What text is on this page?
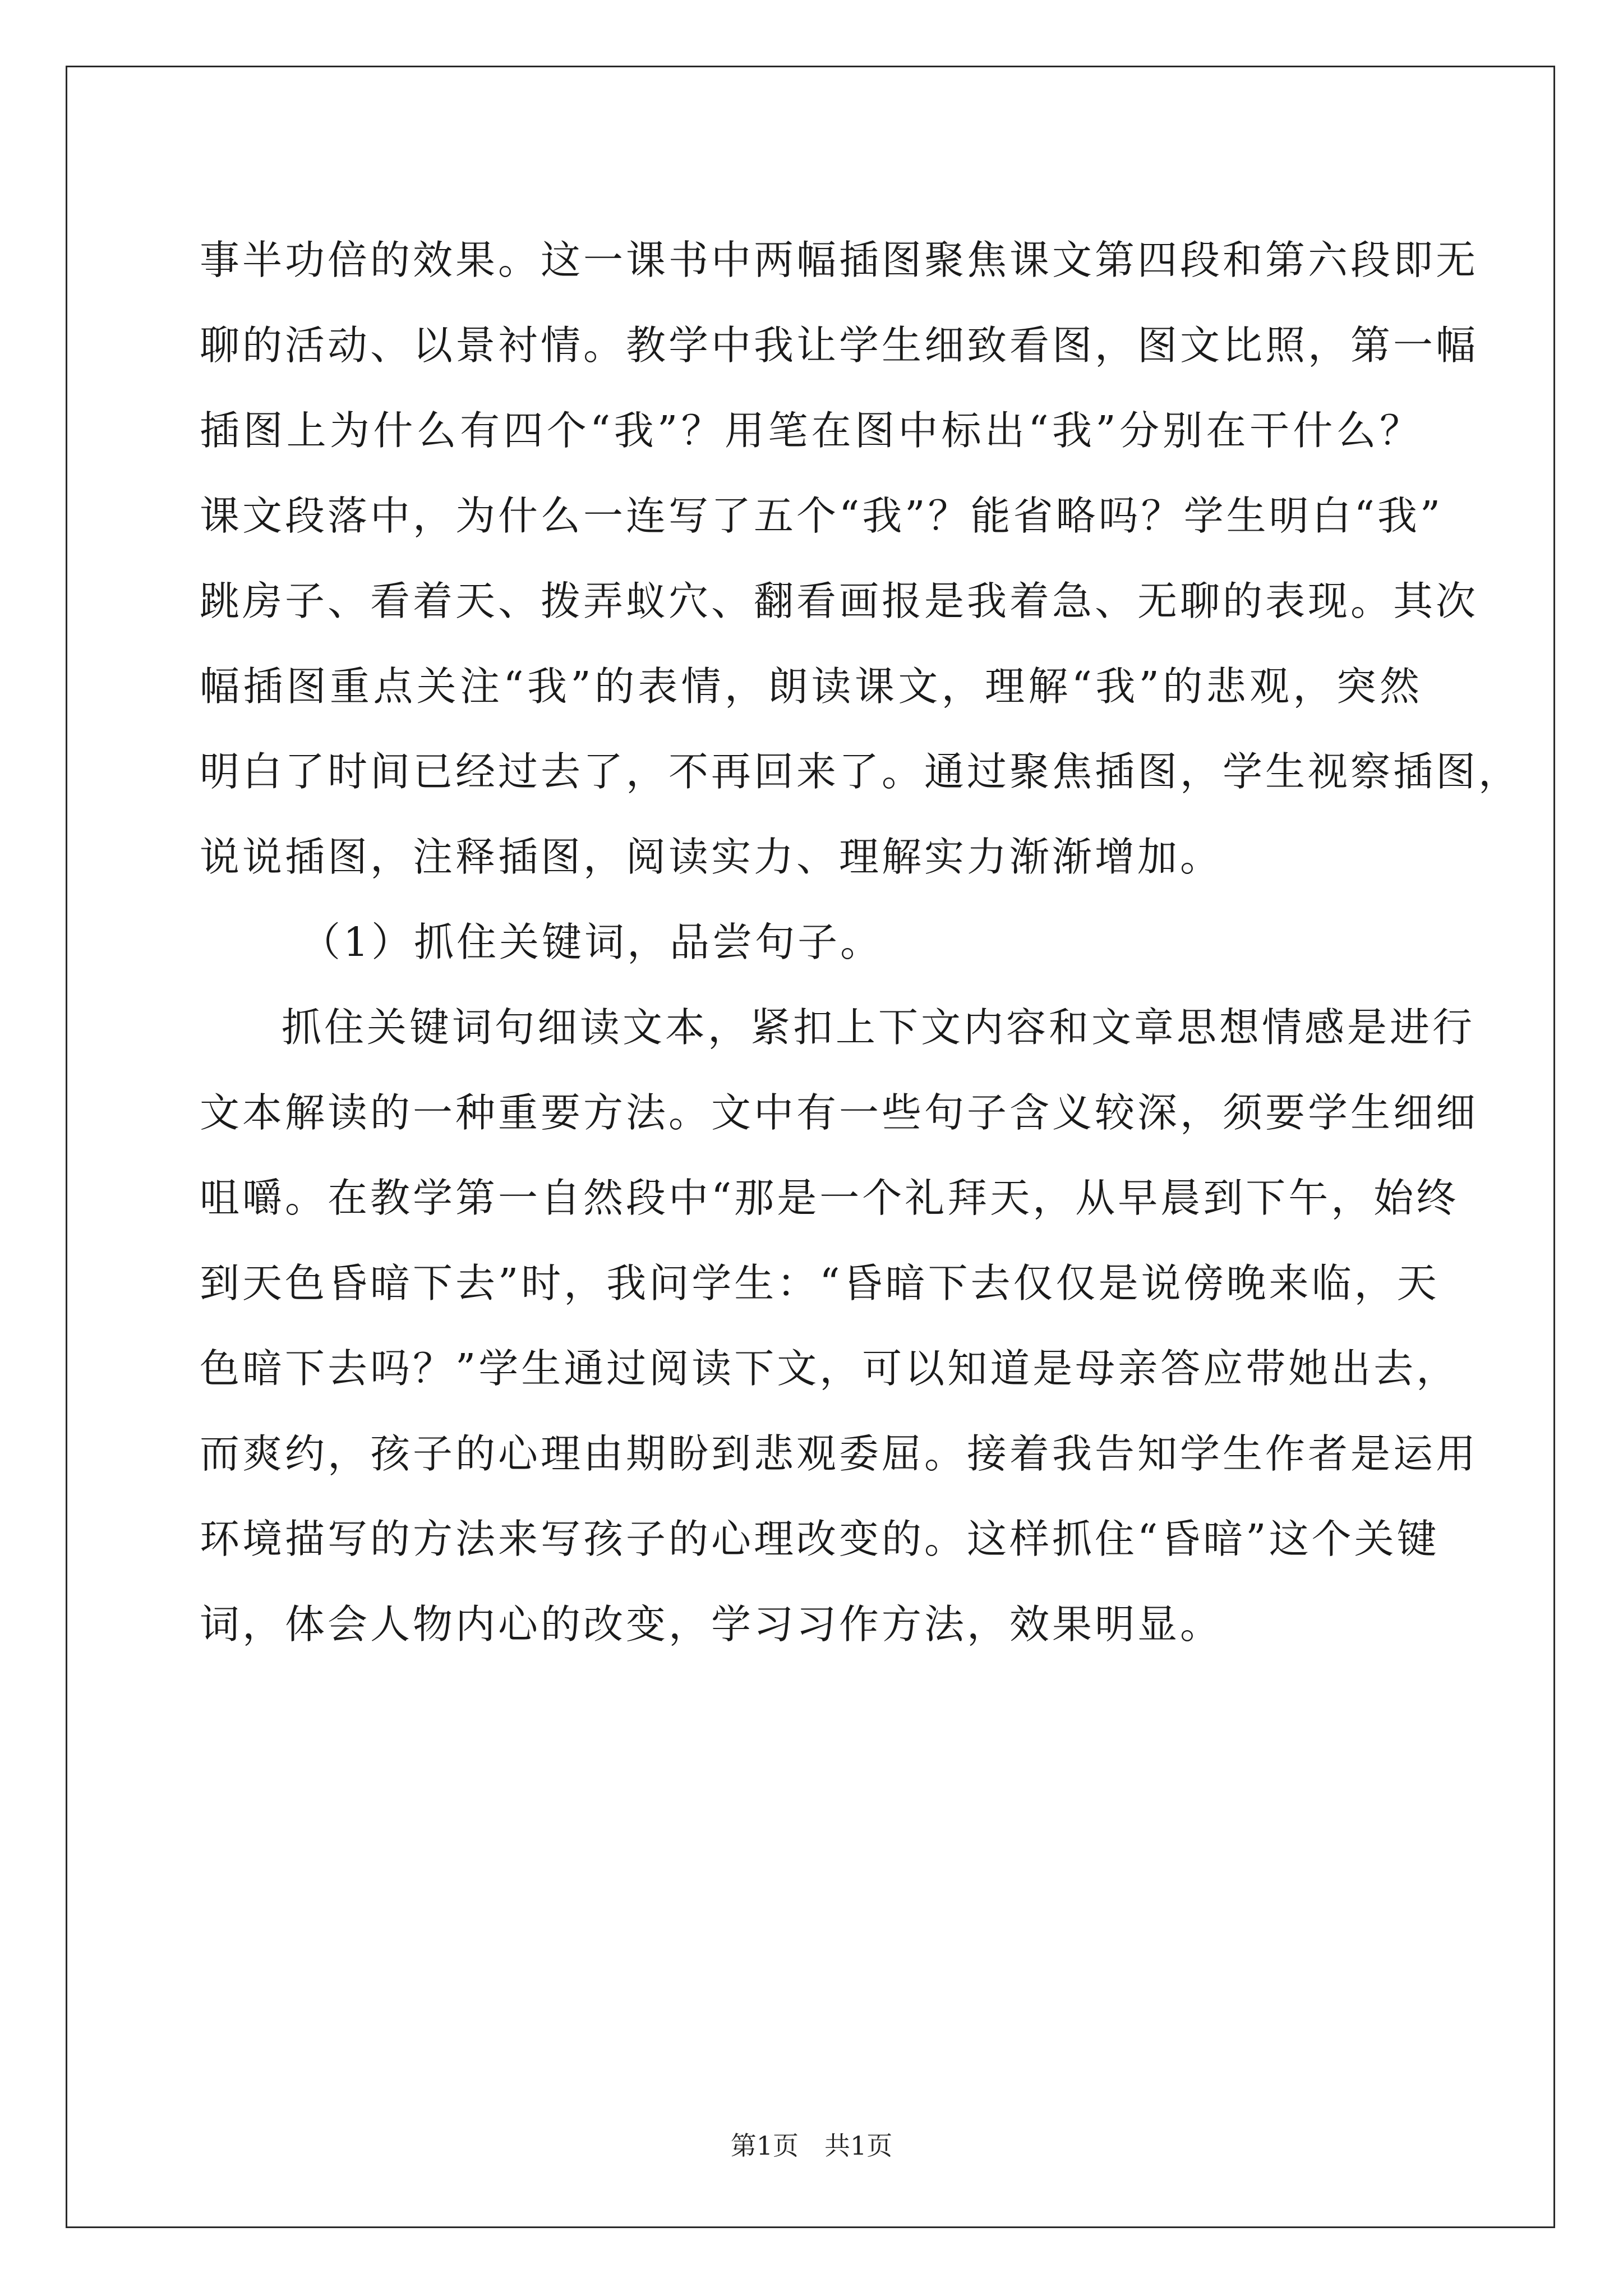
事半功倍的效果。这一课书中两幅插图聚焦课文第四段和第六段即无
聊的活动、以景衬情。教学中我让学生细致看图，图文比照，第一幅
插图上为什么有四个“我”？用笔在图中标出“我”分别在干什么？
课文段落中，为什么一连写了五个“我”？能省略吗？学生明白“我”
跳房子、看着天、拨弄蚁穴、翻看画报是我着急、无聊的表现。其次
幅插图重点关注“我”的表情，朗读课文，理解“我”的悲观，突然
明白了时间已经过去了，不再回来了。通过聚焦插图，学生视察插图，
说说插图，注释插图，阅读实力、理解实力渐渐增加。
（1）抓住关键词，品尝句子。
抓住关键词句细读文本，紧扣上下文内容和文章思想情感是进行
文本解读的一种重要方法。文中有一些句子含义较深，须要学生细细
咀嚼。在教学第一自然段中“那是一个礼拜天，从早晨到下午，始终
到天色昏暗下去”时，我问学生：“昏暗下去仅仅是说傍晚来临，天
色暗下去吗？”学生通过阅读下文，可以知道是母亲答应带她出去，
而爽约，孩子的心理由期盼到悲观委屈。接着我告知学生作者是运用
环境描写的方法来写孩子的心理改变的。这样抓住“昏暗”这个关键
词，体会人物内心的改变，学习习作方法，效果明显。
第1页　共1页
